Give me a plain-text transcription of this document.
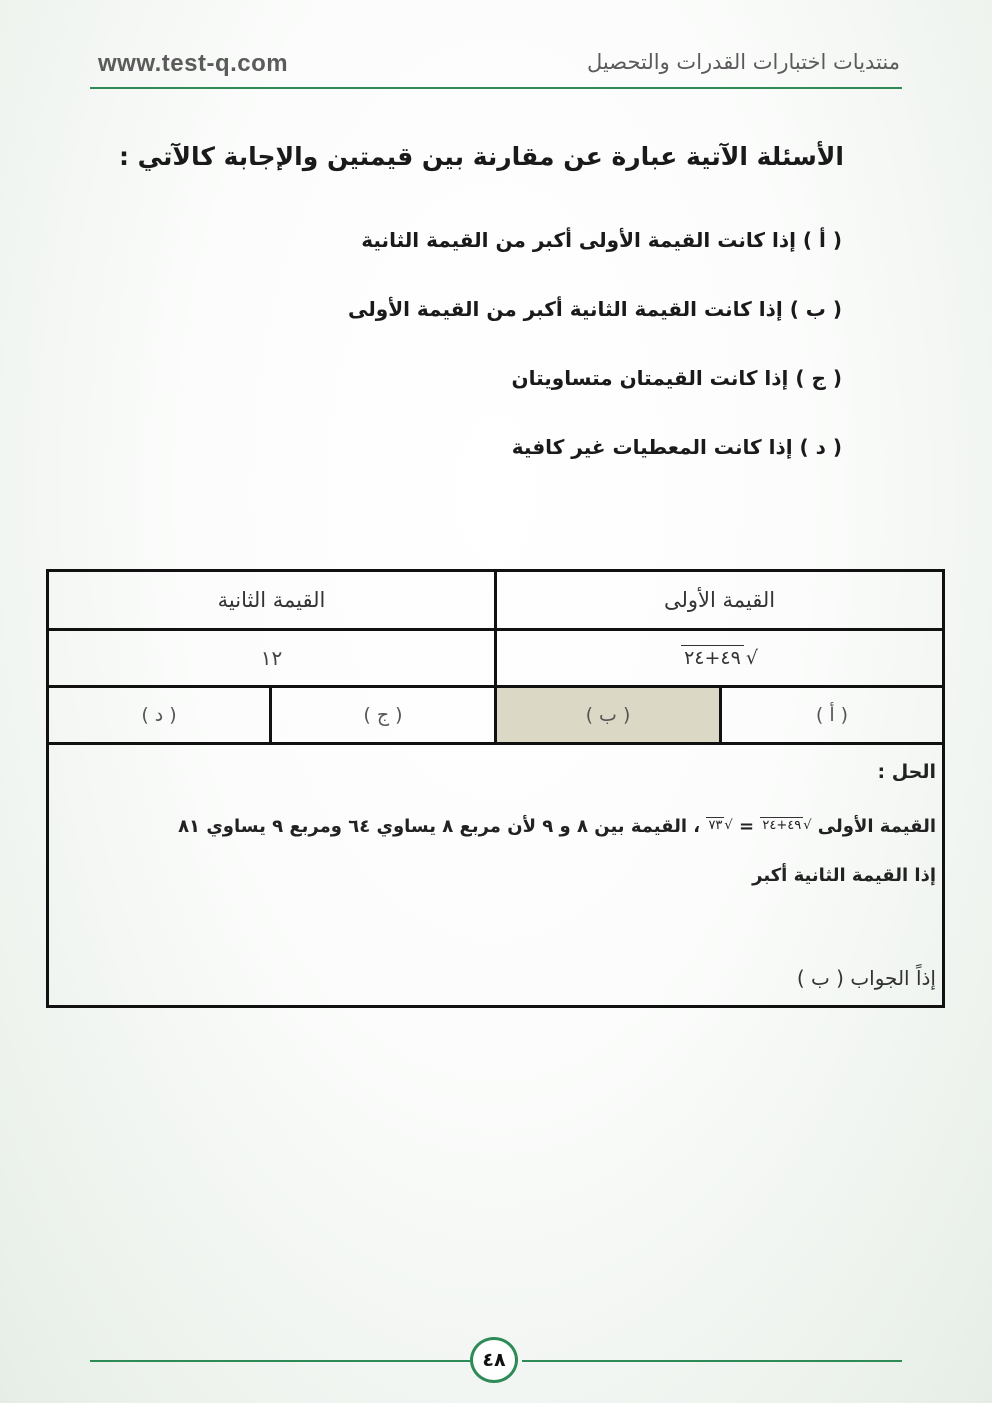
www.test-q.com	منتديات اختبارات القدرات والتحصيل
الأسئلة الآتية عبارة عن مقارنة بين قيمتين والإجابة كالآتي :
( أ ) إذا كانت القيمة الأولى أكبر من القيمة الثانية
( ب ) إذا كانت القيمة الثانية أكبر من القيمة الأولى
( ج ) إذا كانت القيمتان متساويتان
( د ) إذا كانت المعطيات غير كافية
القيمة الأولى
القيمة الثانية
٤٩+٢٤ √
١٢
( أ )
( ب )
( ج )
( د )
الحل :
القيمة الأولى ٤٩+٢٤ √ = ٧٣ √ ، القيمة بين ٨ و ٩ لأن مربع ٨ يساوي ٦٤ ومربع ٩ يساوي ٨١
إذا القيمة الثانية أكبر
إذاً الجواب ( ب )
٤٨
